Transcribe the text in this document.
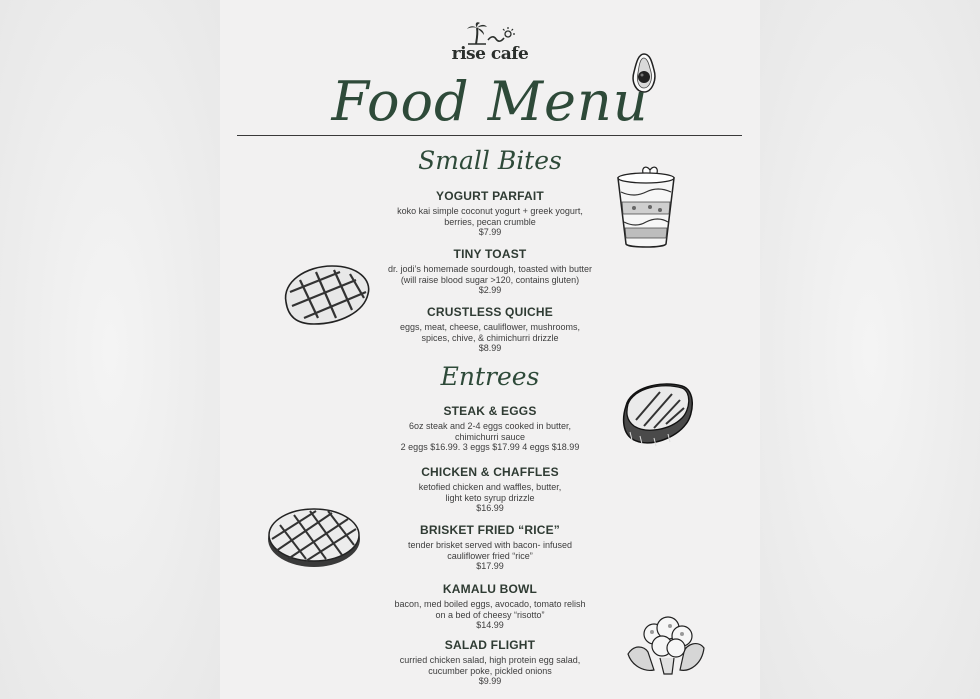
rise cafe
Food Menu
Small Bites
YOGURT PARFAIT
koko kai simple coconut yogurt + greek yogurt,
berries, pecan crumble
$7.99
TINY TOAST
dr. jodi’s homemade sourdough, toasted with butter
(will raise blood sugar >120, contains gluten)
$2.99
CRUSTLESS QUICHE
eggs, meat, cheese, cauliflower, mushrooms,
spices, chive, & chimichurri drizzle
$8.99
Entrees
STEAK & EGGS
6oz steak and 2-4 eggs cooked in butter,
chimichurri sauce
2 eggs $16.99. 3 eggs $17.99 4 eggs $18.99
CHICKEN & CHAFFLES
ketofied chicken and waffles, butter,
light keto syrup drizzle
$16.99
BRISKET FRIED “RICE”
tender brisket served with bacon- infused
cauliflower fried “rice”
$17.99
KAMALU BOWL
bacon, med boiled eggs, avocado, tomato relish
on a bed of cheesy “risotto”
$14.99
SALAD FLIGHT
curried chicken salad, high protein egg salad,
cucumber poke, pickled onions
$9.99
